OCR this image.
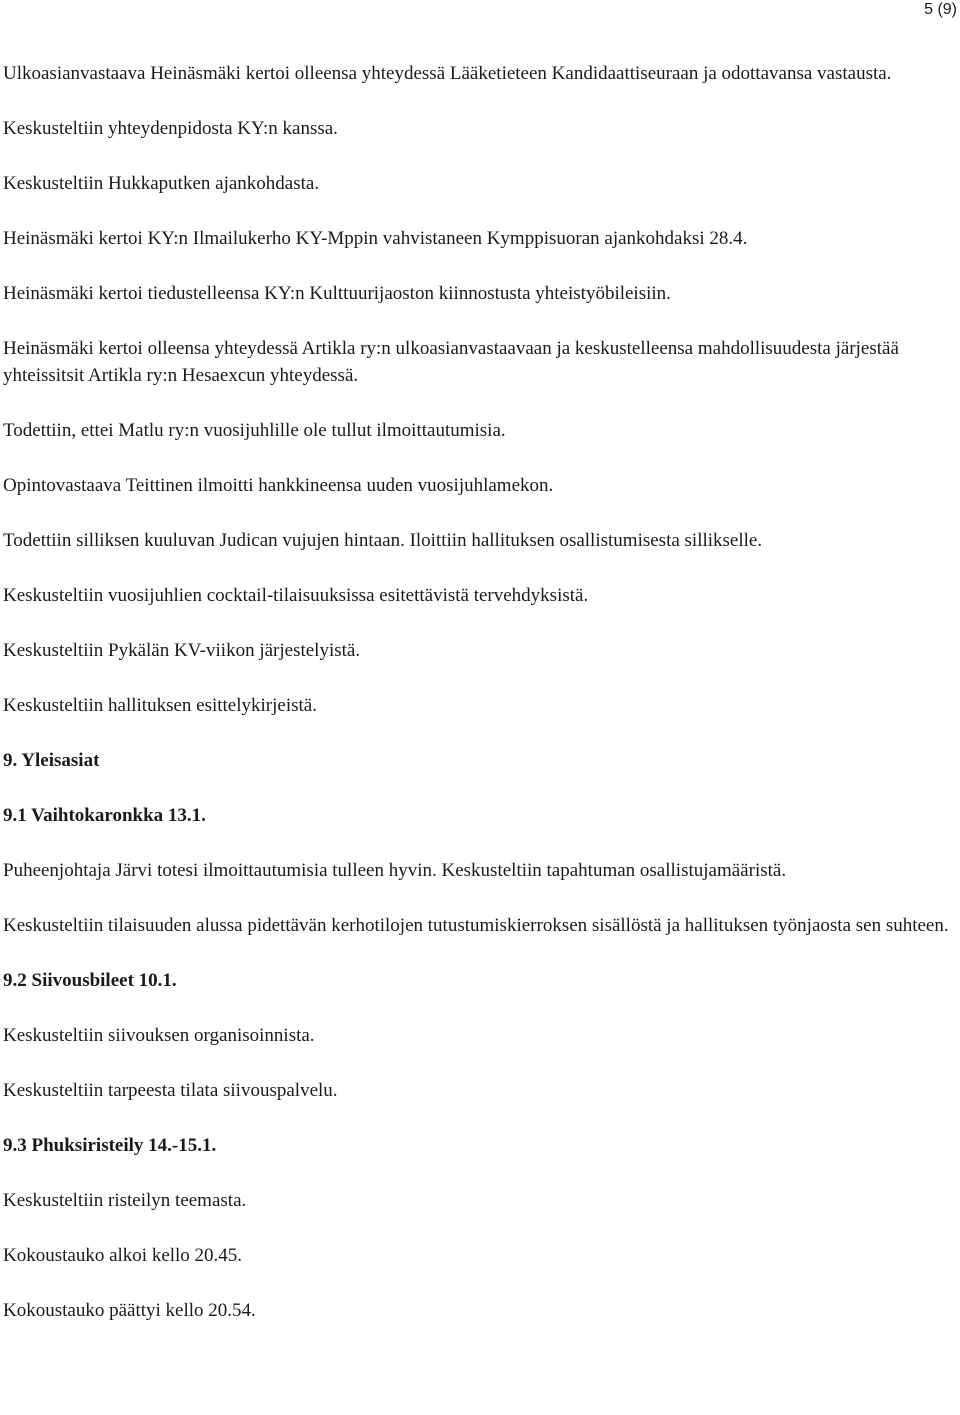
5 (9)
Ulkoasianvastaava Heinäsmäki kertoi olleensa yhteydessä Lääketieteen Kandidaattiseuraan ja odottavansa vastausta.
Keskusteltiin yhteydenpidosta KY:n kanssa.
Keskusteltiin Hukkaputken ajankohdasta.
Heinäsmäki kertoi KY:n Ilmailukerho KY-Mppin vahvistaneen Kymppisuoran ajankohdaksi 28.4.
Heinäsmäki kertoi tiedustelleensa KY:n Kulttuurijaoston kiinnostusta yhteistyöbileisiin.
Heinäsmäki kertoi olleensa yhteydessä Artikla ry:n ulkoasianvastaavaan ja keskustelleensa mahdollisuudesta järjestää yhteissitsit Artikla ry:n Hesaexcun yhteydessä.
Todettiin, ettei Matlu ry:n vuosijuhlille ole tullut ilmoittautumisia.
Opintovastaava Teittinen ilmoitti hankkineensa uuden vuosijuhlamekon.
Todettiin silliksen kuuluvan Judican vujujen hintaan. Iloittiin hallituksen osallistumisesta sillikselle.
Keskusteltiin vuosijuhlien cocktail-tilaisuuksissa esitettävistä tervehdyksistä.
Keskusteltiin Pykälän KV-viikon järjestelyistä.
Keskusteltiin hallituksen esittelykirjeistä.
9. Yleisasiat
9.1 Vaihtokaronkka 13.1.
Puheenjohtaja Järvi totesi ilmoittautumisia tulleen hyvin. Keskusteltiin tapahtuman osallistujamääristä.
Keskusteltiin tilaisuuden alussa pidettävän kerhotilojen tutustumiskierroksen sisällöstä ja hallituksen työnjaosta sen suhteen.
9.2 Siivousbileet 10.1.
Keskusteltiin siivouksen organisoinnista.
Keskusteltiin tarpeesta tilata siivouspalvelu.
9.3 Phuksiristeily 14.-15.1.
Keskusteltiin risteilyn teemasta.
Kokoustauko alkoi kello 20.45.
Kokoustauko päättyi kello 20.54.
